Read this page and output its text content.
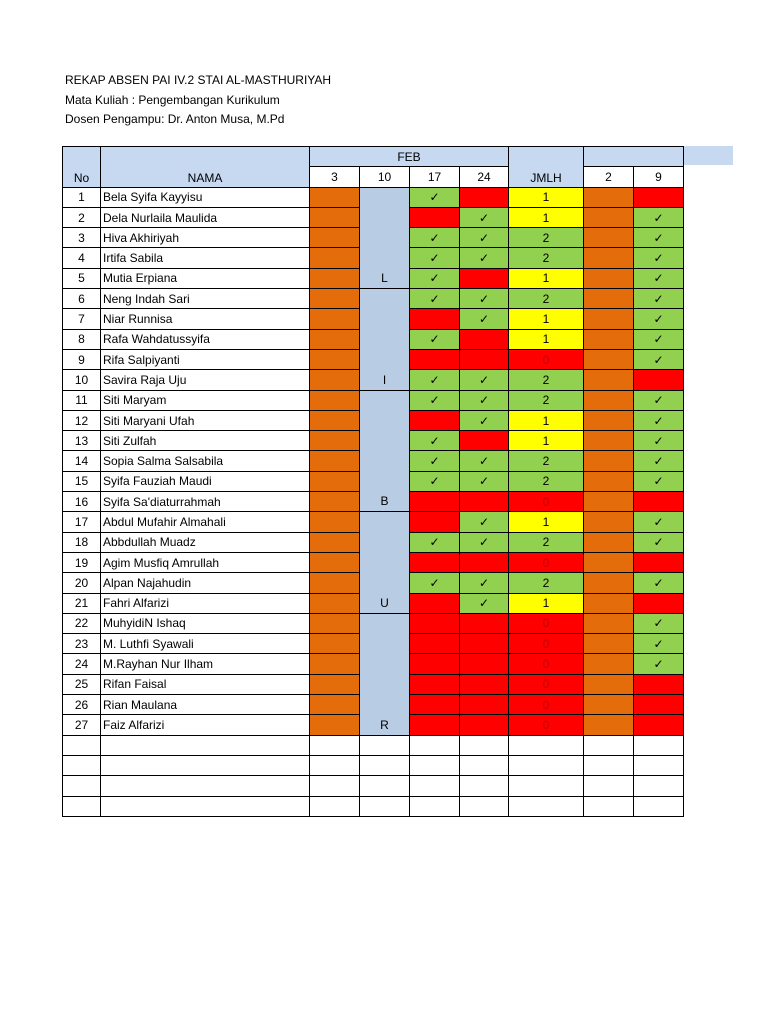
REKAP ABSEN PAI IV.2 STAI AL-MASTHURIYAH
Mata Kuliah : Pengembangan Kurikulum
Dosen Pengampu: Dr. Anton Musa, M.Pd
No	NAMA	FEB				JMLH		
		3	10	17	24		2	9
1	Bela Syifa Kayyisu		L	✓		1		
2	Dela Nurlaila Maulida				✓	1		✓
3	Hiva Akhiriyah			✓	✓	2		✓
4	Irtifa Sabila			✓	✓	2		✓
5	Mutia Erpiana			✓		1		✓
6	Neng Indah Sari		I	✓	✓	2		✓
7	Niar Runnisa				✓	1		✓
8	Rafa Wahdatussyifa			✓		1		✓
9	Rifa Salpiyanti					0		✓
10	Savira Raja Uju			✓	✓	2		
11	Siti Maryam		B	✓	✓	2		✓
12	Siti Maryani Ufah				✓	1		✓
13	Siti Zulfah			✓		1		✓
14	Sopia Salma Salsabila			✓	✓	2		✓
15	Syifa Fauziah Maudi			✓	✓	2		✓
16	Syifa Sa'diaturrahmah					0		
17	Abdul Mufahir Almahali		U		✓	1		✓
18	Abbdullah Muadz			✓	✓	2		✓
19	Agim Musfiq Amrullah					0		
20	Alpan Najahudin			✓	✓	2		✓
21	Fahri Alfarizi				✓	1		
22	MuhyidiN Ishaq		R			0		✓
23	M. Luthfi Syawali					0		✓
24	M.Rayhan Nur Ilham					0		✓
25	Rifan Faisal					0		
26	Rian Maulana					0		
27	Faiz Alfarizi					0		
